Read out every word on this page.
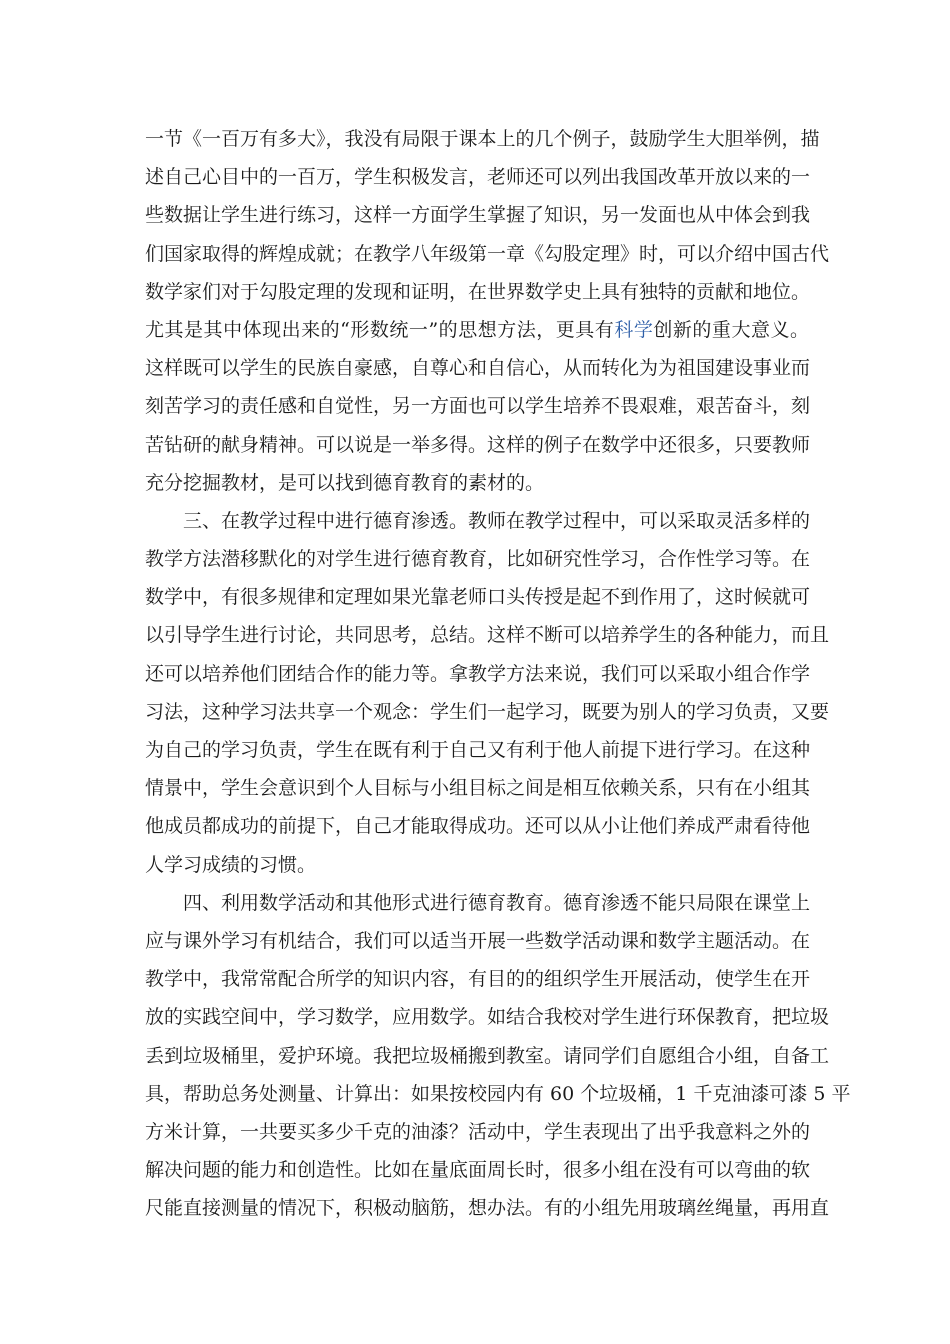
一节《一百万有多大》，我没有局限于课本上的几个例子，鼓励学生大胆举例，描
述自己心目中的一百万，学生积极发言，老师还可以列出我国改革开放以来的一
些数据让学生进行练习，这样一方面学生掌握了知识，另一发面也从中体会到我
们国家取得的辉煌成就；在教学八年级第一章《勾股定理》时，可以介绍中国古代
数学家们对于勾股定理的发现和证明，在世界数学史上具有独特的贡献和地位。
尤其是其中体现出来的“形数统一”的思想方法，更具有科学创新的重大意义。
这样既可以学生的民族自豪感，自尊心和自信心，从而转化为为祖国建设事业而
刻苦学习的责任感和自觉性，另一方面也可以学生培养不畏艰难，艰苦奋斗，刻
苦钻研的献身精神。可以说是一举多得。这样的例子在数学中还很多，只要教师
充分挖掘教材，是可以找到德育教育的素材的。
三、在教学过程中进行德育渗透。教师在教学过程中，可以采取灵活多样的
教学方法潜移默化的对学生进行德育教育，比如研究性学习，合作性学习等。在
数学中，有很多规律和定理如果光靠老师口头传授是起不到作用了，这时候就可
以引导学生进行讨论，共同思考，总结。这样不断可以培养学生的各种能力，而且
还可以培养他们团结合作的能力等。拿教学方法来说，我们可以采取小组合作学
习法，这种学习法共享一个观念：学生们一起学习，既要为别人的学习负责，又要
为自己的学习负责，学生在既有利于自己又有利于他人前提下进行学习。在这种
情景中，学生会意识到个人目标与小组目标之间是相互依赖关系，只有在小组其
他成员都成功的前提下，自己才能取得成功。还可以从小让他们养成严肃看待他
人学习成绩的习惯。
四、利用数学活动和其他形式进行德育教育。德育渗透不能只局限在课堂上
应与课外学习有机结合，我们可以适当开展一些数学活动课和数学主题活动。在
教学中，我常常配合所学的知识内容，有目的的组织学生开展活动，使学生在开
放的实践空间中，学习数学，应用数学。如结合我校对学生进行环保教育，把垃圾
丢到垃圾桶里，爱护环境。我把垃圾桶搬到教室。请同学们自愿组合小组，自备工
具，帮助总务处测量、计算出：如果按校园内有 60 个垃圾桶，1 千克油漆可漆 5 平
方米计算，一共要买多少千克的油漆？活动中，学生表现出了出乎我意料之外的
解决问题的能力和创造性。比如在量底面周长时，很多小组在没有可以弯曲的软
尺能直接测量的情况下，积极动脑筋，想办法。有的小组先用玻璃丝绳量，再用直
